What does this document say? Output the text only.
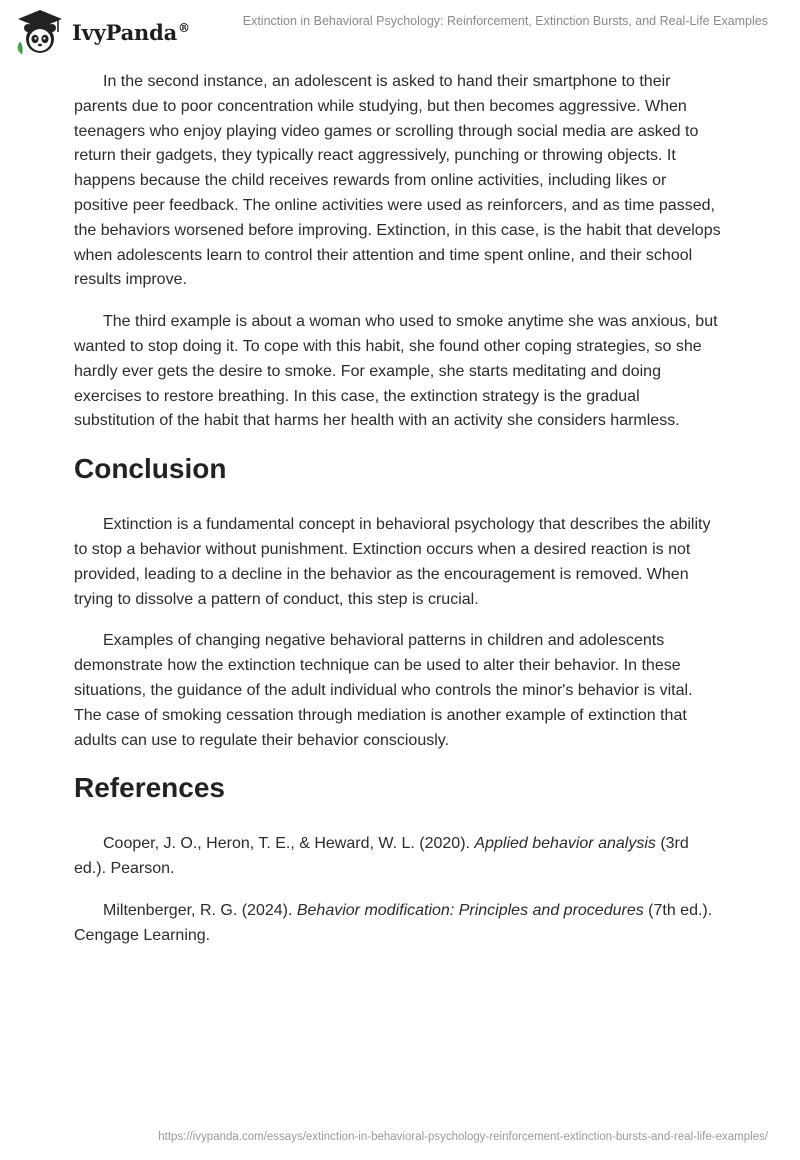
IvyPanda®	Extinction in Behavioral Psychology: Reinforcement, Extinction Bursts, and Real-Life Examples

In the second instance, an adolescent is asked to hand their smartphone to their parents due to poor concentration while studying, but then becomes aggressive. When teenagers who enjoy playing video games or scrolling through social media are asked to return their gadgets, they typically react aggressively, punching or throwing objects. It happens because the child receives rewards from online activities, including likes or positive peer feedback. The online activities were used as reinforcers, and as time passed, the behaviors worsened before improving. Extinction, in this case, is the habit that develops when adolescents learn to control their attention and time spent online, and their school results improve.

The third example is about a woman who used to smoke anytime she was anxious, but wanted to stop doing it. To cope with this habit, she found other coping strategies, so she hardly ever gets the desire to smoke. For example, she starts meditating and doing exercises to restore breathing. In this case, the extinction strategy is the gradual substitution of the habit that harms her health with an activity she considers harmless.

Conclusion

Extinction is a fundamental concept in behavioral psychology that describes the ability to stop a behavior without punishment. Extinction occurs when a desired reaction is not provided, leading to a decline in the behavior as the encouragement is removed. When trying to dissolve a pattern of conduct, this step is crucial.

Examples of changing negative behavioral patterns in children and adolescents demonstrate how the extinction technique can be used to alter their behavior. In these situations, the guidance of the adult individual who controls the minor's behavior is vital. The case of smoking cessation through mediation is another example of extinction that adults can use to regulate their behavior consciously.

References

Cooper, J. O., Heron, T. E., & Heward, W. L. (2020). Applied behavior analysis (3rd ed.). Pearson.

Miltenberger, R. G. (2024). Behavior modification: Principles and procedures (7th ed.). Cengage Learning.

https://ivypanda.com/essays/extinction-in-behavioral-psychology-reinforcement-extinction-bursts-and-real-life-examples/
